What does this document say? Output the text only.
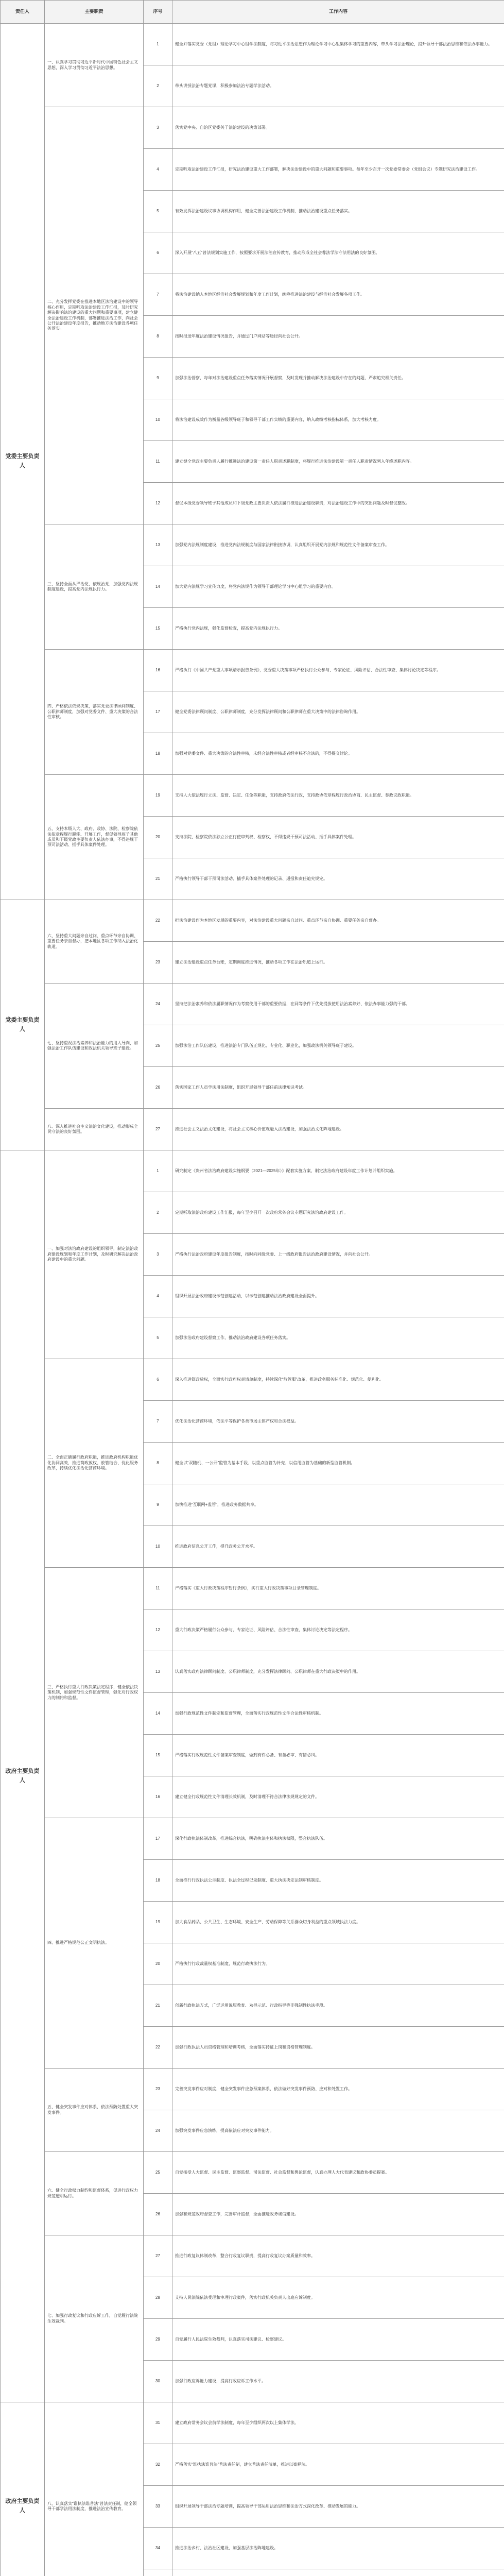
责任人	主要职责	序号	工作内容
党委主要负责人	一、认真学习贯彻习近平新时代中国特色社会主义思想，深入学习贯彻习近平法治思想。	1	健全并落实党委（党组）理论学习中心组学法制度，将习近平法治思想作为理论学习中心组集体学习的重要内容，带头学习法治理论，提升领导干部法治思维和依法办事能力。
		2	带头讲授法治专题党课，积极参加法治专题学法活动。
	二、充分发挥党委在推进本地区法治建设中的领导核心作用，定期听取法治建设工作汇报，及时研究解决影响法治建设的重大问题和重要事项，建立健全法治建设工作机制，部署推进法治工作，向社会公开法治建设年度报告，推动地方法治建设各项任务落实。	3	落实党中央、自治区党委关于法治建设的决策部署。
		4	定期听取法治建设工作汇报，研究法治建设重大工作部署，解决法治建设中的重大问题和重要事项。每年至少召开一次党委常委会（党组会议）专题研究法治建设工作。
		5	有效发挥法治建设议事协调机构作用，健全完善法治建设工作机制，推动法治建设重点任务落实。
		6	深入开展“八五”普法规划实施工作，按照要求开展法治宣传教育，推动形成全社会尊法学法守法用法的良好氛围。
		7	将法治建设纳入本地区经济社会发展规划和年度工作计划，统筹推进法治建设与经济社会发展各项工作。
		8	按时报送年度法治建设情况报告，并通过门户网站等途径向社会公开。
		9	加强法治督察，每年对法治建设重点任务落实情况开展督察，及时发现并推动解决法治建设中存在的问题，严肃追究相关责任。
		10	将法治建设成效作为衡量各级领导班子和领导干部工作实绩的重要内容，纳入政绩考核指标体系，加大考核力度。
		11	建立健全党政主要负责人履行推进法治建设第一责任人职责述职制度，将履行推进法治建设第一责任人职责情况列入年终述职内容。
		12	督促本级党委领导班子其他成员和下级党政主要负责人依法履行推进法治建设职责，对法治建设工作中的突出问题及时督促整改。
	三、坚持全面从严治党、依规治党，加强党内法规制度建设，提高党内法规执行力。	13	加强党内法规制度建设，推进党内法规制度与国家法律衔接协调，认真组织开展党内法规和规范性文件备案审查工作。
		14	加大党内法规学习宣传力度，将党内法规作为领导干部理论学习中心组学习的重要内容。
		15	严格执行党内法规，强化监督检查，提高党内法规执行力。
	四、严格依法依规决策，落实党委法律顾问制度、公职律师制度，加强对党委文件、重大决策的合法性审核。	16	严格执行《中国共产党重大事项请示报告条例》，党委重大决策事项严格执行公众参与、专家论证、风险评估、合法性审查、集体讨论决定等程序。
		17	健全党委法律顾问制度、公职律师制度，充分发挥法律顾问和公职律师在重大决策中的法律咨询作用。
		18	加强对党委文件、重大决策的合法性审核，未经合法性审核或者经审核不合法的，不得提交讨论。
	五、支持本级人大、政府、政协、法院、检察院依法依章程履行职能、开展工作，督促领导班子其他成员和下级党政主要负责人依法办事，不得违规干预司法活动、插手具体案件处理。	19	支持人大依法履行立法、监督、决定、任免等职能，支持政府依法行政，支持政协依章程履行政治协商、民主监督、参政议政职能。
		20	支持法院、检察院依法独立公正行使审判权、检察权，不得违规干预司法活动、插手具体案件处理。
		21	严格执行领导干部干预司法活动、插手具体案件处理的记录、通报和责任追究规定。
党委主要负责人	六、坚持重大问题亲自过问、重点环节亲自协调、重要任务亲自督办，把本地区各项工作纳入法治化轨道。	22	把法治建设作为本地区发展的重要内容，对法治建设重大问题亲自过问、重点环节亲自协调、重要任务亲自督办。
		23	建立法治建设重点任务台账，定期调度推进情况，推动各项工作在法治轨道上运行。
	七、坚持重视法治素养和法治能力的用人导向，加强法治工作队伍建设和政法机关领导班子建设。	24	坚持把法治素养和依法履职情况作为考察使用干部的重要依据，在同等条件下优先提拔使用法治素养好、依法办事能力强的干部。
		25	加强法治工作队伍建设，推进法治专门队伍正规化、专业化、职业化，加强政法机关领导班子建设。
		26	落实国家工作人员学法用法制度，组织开展领导干部任前法律知识考试。
	八、深入推进社会主义法治文化建设，推动形成全民守法的良好氛围。	27	推进社会主义法治文化建设，将社会主义核心价值观融入法治建设，加强法治文化阵地建设。
政府主要负责人	一、加强对法治政府建设的组织领导，制定法治政府建设规划和年度工作计划，及时研究解决法治政府建设中的重大问题。	1	研究制定《贵州省法治政府建设实施纲要（2021—2025年）》配套实施方案，制定法治政府建设年度工作计划并组织实施。
		2	定期听取法治政府建设工作汇报，每年至少召开一次政府常务会议专题研究法治政府建设工作。
		3	严格执行法治政府建设年度报告制度，按时向同级党委、上一级政府报告法治政府建设情况，并向社会公开。
		4	组织开展法治政府建设示范创建活动，以示范创建推动法治政府建设全面提升。
		5	加强法治政府建设督察工作，推动法治政府建设各项任务落实。
	二、全面正确履行政府职能，推进政府机构职能优化协同高效，推进简政放权、放管结合、优化服务改革，持续优化法治化营商环境。	6	深入推进简政放权，全面实行政府权责清单制度，持续深化“放管服”改革，推进政务服务标准化、规范化、便利化。
		7	优化法治化营商环境，依法平等保护各类市场主体产权和合法权益。
		8	健全以“双随机、一公开”监管为基本手段、以重点监管为补充、以信用监管为基础的新型监管机制。
		9	加快推进“互联网+监管”，推进政务数据共享。
		10	推进政府信息公开工作，提升政务公开水平。
	三、严格执行重大行政决策法定程序，健全依法决策机制，加强规范性文件监督管理，强化对行政权力的制约和监督。	11	严格落实《重大行政决策程序暂行条例》，实行重大行政决策事项目录管理制度。
		12	重大行政决策严格履行公众参与、专家论证、风险评估、合法性审查、集体讨论决定等法定程序。
		13	认真落实政府法律顾问制度、公职律师制度，充分发挥法律顾问、公职律师在重大行政决策中的作用。
		14	加强行政规范性文件制定和监督管理，全面落实行政规范性文件合法性审核机制。
		15	严格落实行政规范性文件备案审查制度，做到有件必备、有备必审、有错必纠。
		16	建立健全行政规范性文件清理长效机制，及时清理不符合法律法规规定的文件。
	四、推进严格规范公正文明执法。	17	深化行政执法体制改革，推进综合执法，明确执法主体和执法权限，整合执法队伍。
		18	全面推行行政执法公示制度、执法全过程记录制度、重大执法决定法制审核制度。
		19	加大食品药品、公共卫生、生态环境、安全生产、劳动保障等关系群众切身利益的重点领域执法力度。
		20	严格执行行政裁量权基准制度，规范行政执法行为。
		21	创新行政执法方式，广泛运用说服教育、劝导示范、行政指导等非强制性执法手段。
		22	加强行政执法人员资格管理和培训考核，全面落实持证上岗和资格管理制度。
	五、健全突发事件应对体系，依法预防处置重大突发事件。	23	完善突发事件应对制度，健全突发事件应急预案体系，依法做好突发事件预防、应对和处置工作。
		24	加强突发事件应急演练，提高依法应对突发事件能力。
	六、健全行政权力制约和监督体系，促进行政权力规范透明运行。	25	自觉接受人大监督、民主监督、监察监督、司法监督、社会监督和舆论监督，认真办理人大代表建议和政协委员提案。
		26	加强和规范政府督查工作，完善审计监督，全面推进政务诚信建设。
	七、加强行政复议和行政应诉工作，自觉履行法院生效裁判。	27	推进行政复议体制改革，整合行政复议职责，提高行政复议办案质量和效率。
		28	支持人民法院依法受理和审理行政案件，落实行政机关负责人出庭应诉制度。
		29	自觉履行人民法院生效裁判，认真落实司法建议、检察建议。
		30	加强行政应诉能力建设，提高行政应诉工作水平。
政府主要负责人	八、认真落实“谁执法谁普法”普法责任制，健全领导干部学法用法制度，推进法治宣传教育。	31	建立政府常务会议会前学法制度，每年至少组织两次以上集体学法。
		32	严格落实“谁执法谁普法”普法责任制，建立普法责任清单，推进以案释法。
		33	组织开展领导干部法治专题培训，提高领导干部运用法治思维和法治方式深化改革、推动发展的能力。
		34	推进法治乡村、法治社区建设，加强基层法治阵地建设。
